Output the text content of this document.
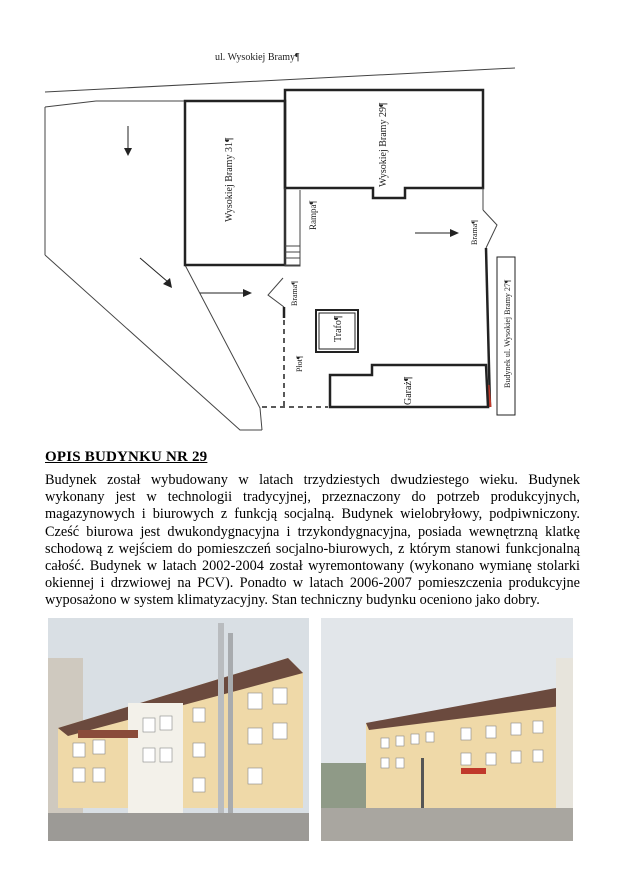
ul. Wysokiej Bramy¶
Wysokiej Bramy 31¶	Wysokiej Bramy 29¶
Rampa¶
Brama¶
Brama¶
Płot¶
Trafo¶
Garaż¶
Budynek ul. Wysokiej Bramy 27¶
OPIS BUDYNKU NR 29

Budynek został wybudowany w latach trzydziestych dwudziestego wieku. Budynek wykonany jest w technologii tradycyjnej, przeznaczony do potrzeb produkcyjnych, magazynowych i biurowych z funkcją socjalną. Budynek wielobryłowy, podpiwniczony. Cześć biurowa jest dwukondygnacyjna i trzykondygnacyjna, posiada wewnętrzną klatkę schodową z wejściem do pomieszczeń socjalno-biurowych, z którym stanowi funkcjonalną całość. Budynek w latach 2002-2004 został wyremontowany (wykonano wymianę stolarki okiennej i drzwiowej na PCV). Ponadto w latach 2006-2007 pomieszczenia produkcyjne wyposażono w system klimatyzacyjny. Stan techniczny budynku oceniono jako dobry.
